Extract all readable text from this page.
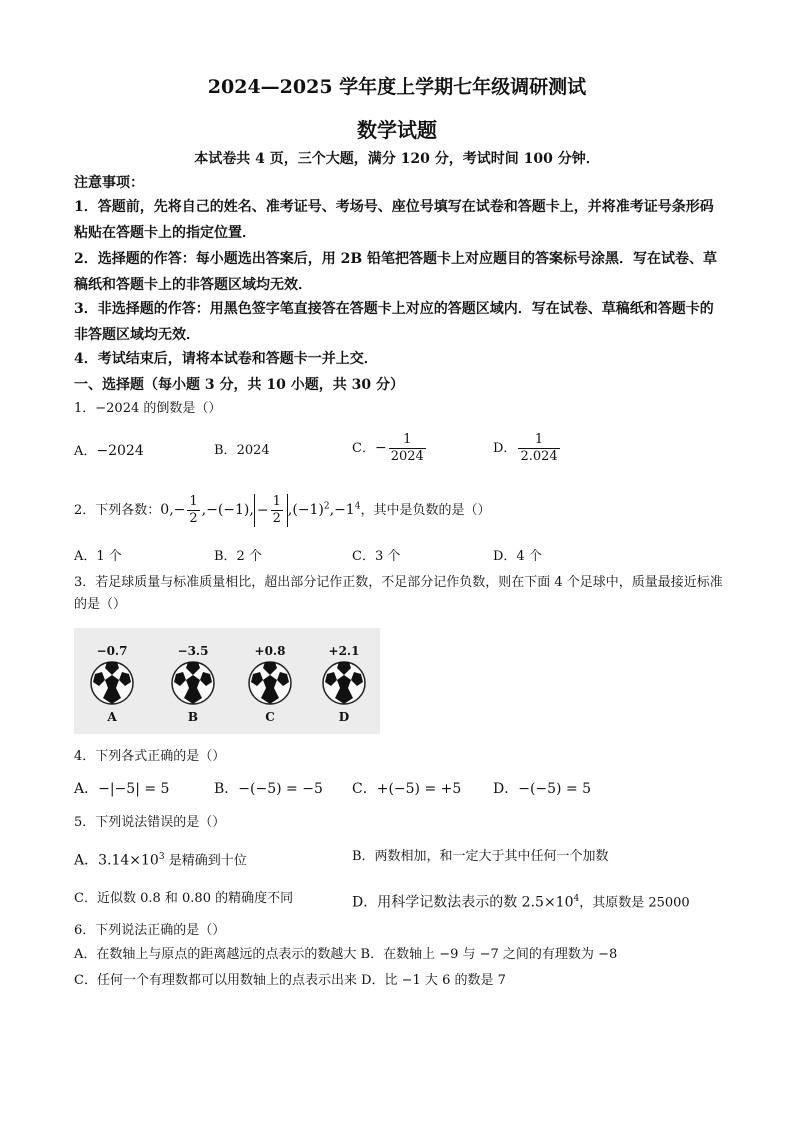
2024—2025 学年度上学期七年级调研测试
数学试题
本试卷共 4 页，三个大题，满分 120 分，考试时间 100 分钟．
注意事项：
1．答题前，先将自己的姓名、准考证号、考场号、座位号填写在试卷和答题卡上，并将准考证号条形码粘贴在答题卡上的指定位置．
2．选择题的作答：每小题选出答案后，用 2B 铅笔把答题卡上对应题目的答案标号涂黑．写在试卷、草稿纸和答题卡上的非答题区域均无效．
3．非选择题的作答：用黑色签字笔直接答在答题卡上对应的答题区域内．写在试卷、草稿纸和答题卡的非答题区域均无效．
4．考试结束后，请将本试卷和答题卡一并上交．
一、选择题（每小题 3 分，共 10 小题，共 30 分）
1．−2024 的倒数是（）
A．−2024	B．2024	C．− $\frac{1}{2024}$	D． $\frac{1}{2.024}$
2．下列各数：$0,- \frac{1}{2} ,-(-1)$, − $\frac{1}{2} ,(-1)^2,-1^4$，其中是负数的是（）
A．1 个	B．2 个	C．3 个	D．4 个
3．若足球质量与标准质量相比，超出部分记作正数，不足部分记作负数，则在下面 4 个足球中，质量最接近标准的是（）
−0.7
A
−3.5
B
+0.8
C
+2.1
D
4．下列各式正确的是（）
A．−|−5| = 5	B．−(−5) = −5 C．+(−5) = +5 D．−(−5) = 5
5．下列说法错误的是（）
A．$3.14\times 10^3$ 是精确到十位	B．两数相加，和一定大于其中任何一个加数
C．近似数 0.8 和 0.80 的精确度不同	D．用科学记数法表示的数 $2.5\times 10^4$，其原数是 25000
6．下列说法正确的是（）
A．在数轴上与原点的距离越远的点表示的数越大 B．在数轴上 −9 与 −7 之间的有理数为 −8
C．任何一个有理数都可以用数轴上的点表示出来 D．比 −1 大 6 的数是 7
